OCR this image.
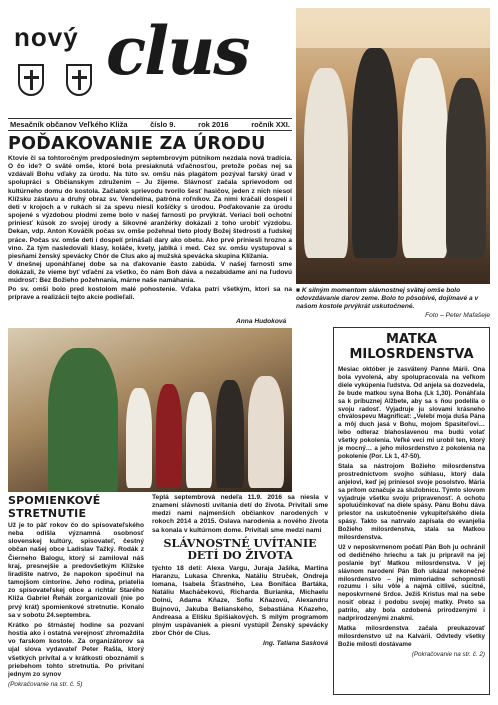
nový clus
Mesačník občanov Veľkého Kliža	číslo 9.	rok 2016	ročník XXI.
POĎAKOVANIE ZA ÚRODU

Ktovie či sa tohtoročným predposledným septembrovým pútnikom nezdala nová tradícia. O čo ide? O sväté omše, ktoré bola presiaknutá vďačnosťou, pretože počas nej sa vzdávali Bohu vďaky za úrodu. Na túto sv. omšu nás plagátom pozýval farský úrad v spolupráci s Občianskym združením – Ju žijeme. Slávnosť začala sprievodom od kultúrneho domu do kostola. Začiatok sprievodu tvorilo šesť hasičov, jeden z nich niesol Klížsku zástavu a druhý obraz sv. Vendelína, patróna roľníkov. Za nimi kráčali dospelí i deti v krojoch a v rukách si za spevu niesli košíčky s úrodou. Poďakovanie za úrodu spojené s výzdobou plodmi zeme bolo v našej farnosti po prvýkrát. Veriaci boli ochotní priniesť kúsok zo svojej úrody a šikovné aranžérky dokázali z toho urobiť výzdobu. Dekan, vdp. Anton Kováčik počas sv. omše požehnal tieto plody Božej štedrosti a ľudskej práce. Počas sv. omše deti i dospelí prinášali dary ako obetu. Ako prvé priniesli hrozno a víno. Za tým nasledovali klasy, koláče, kvety, jablká i med. Cez sv. omšu vystupoval s piesňami ženský spevácky Chór de Clus ako aj mužská spevácka skupina Klížania.

V dnešnej uponáhľanej dobe sa na ďakovanie často zabúda. V našej farnosti sme dokázali, že vieme byť vďační za všetko, čo nám Boh dáva a nezabúdame ani na ľudovú múdrosť: Bez Božieho požehnania, márne naše namáhania.

Po sv. omši bolo pred kostolom malé pohostenie. Vďaka patrí všetkým, ktorí sa na príprave a realizácii tejto akcie podieľali.

Anna Hudoková
■ K silným momentom slávnostnej svätej omše bolo odovzdávanie darov zeme. Bolo to pôsobivé, dojímavé a v našom kostole prvýkrát uskutočnené.
Foto – Peter Mafašeje
MATKA MILOSRDENSTVA

Mesiac október je zasvätený Panne Márii. Ona bola vyvolená, aby spolupracovala na veľkom diele vykúpenia ľudstva. Od anjela sa dozvedela, že bude matkou syna Boha (Lk 1,30). Ponáhľala sa k príbuznej Alžbete, aby sa s ňou podelila o svoju radosť. Vyjadruje ju slovami krásneho chválospevu Magnificat: „Velebí moja duša Pána a môj duch jasá v Bohu, mojom Spasiteľovi… lebo odteraz blahoslavenou ma budú volať všetky pokolenia. Veľké veci mi urobil ten, ktorý je mocný… a jeho milosrdenstvo z pokolenia na pokolenie (Por. Lk 1, 47-50).

Stala sa nástrojom Božieho milosrdenstva prostredníctvom svojho súhlasu, ktorý dala anjelovi, keď jej priniesol svoje posolstvo. Mária sa prítom označuje za služobnicu. Týmto slovom vyjadruje všetku svoju pripravenosť. A ochotu spoluúčinkovať na diele spásy. Pánu Bohu dáva priestor na uskutočnenie vykupiteľského diela spásy. Takto sa natrvalo zapísala do evanjelia Božieho milosrdenstva, stala sa Matkou milosrdenstva.

Už v neposkvrnenom počatí Pán Boh ju ochránil od dedičného hriechu a tak ju pripravil na jej poslanie byť Matkou milosrdenstva. V jej slávnom narodení Pán Boh ukázal nekonečné milosrdenstvo – jej mimoriadne schopnosti rozumu i silu vôle a najmä citlivé, súcitné, neposkvrnené Srdce. Ježiš Kristus mal na sebe nosiť obraz i podobu svojej matky. Preto sa patrilo, aby bola ozdobená prirodzenými i nadprirodzenými znakmi.

Matka milosrdenstva začala preukazovať milosrdenstvo už na Kalvárii. Odvtedy všetky Božie milosti dostávame

(Pokračovanie na str. č. 2)
SPOMIENKOVÉ STRETNUTIE

Už je to päť rokov čo do spisovateľského neba odišla významná osobnosť slovenskej kultúry, spisovateľ, čestný občan našej obce Ladislav Tažký. Rodák z Čierneho Balogu, ktorý si zamiloval náš kraj, presnejšie a predovšetkým Klížske liradište natrvo, že napokon spočinul na tamojšom cintoríne. Jeho rodina, priatelia zo spisovateľskej obce a richtár Starého Kliža Gabriel Řehák zorganizovali (nie po prvý krát) spomienkové stretnutie. Konalo sa v sobotu 24.septembra.

Krátko po štrnástej hodine sa pozvaní hostia ako i ostatná verejnosť zhromaždila vo farskom kostole. Za organizátorov sa ujal slova vydavateľ Peter Rašla, ktorý všetkých privítal a v krátkosti oboznámil s priebehom tohto stretnutia. Po privítaní jednym zo synov

(Pokračovanie na str. č. 5)

Teplá septembrová nedeľa 11.9. 2016 sa niesla v znamení slávnosti uvítania detí do života. Privítali sme medzi nami najmenších občiankov narodených v rokoch 2014 a 2015. Oslava narodenia a nového života sa konala v kultúrnom dome. Privítali sme medzi nami

SLÁVNOSTNÉ UVÍTANIE DETÍ DO ŽIVOTA

týchto 18 detí: Alexa Vargu, Juraja Jašíka, Martina Haranzu, Lukasa Chrenka, Natáliu Struček, Ondreja Iomana, Isabela Šťastného, Lea Bonifáca Bartáka, Natáliu Macháčekovú, Richarda Burianka, Michaelu Dolnú, Adama Kňaze, Sofiu Kňazovú, Alexandru Bujnovú, Jakuba Belianského, Sebastiána Kňazeho, Andreasa a Elišku Spišiakových. S milým programom plným uspávaniek a piesní vystúpil Ženský spevácky zbor Chór de Clus.

Ing. Tatiana Sasková
